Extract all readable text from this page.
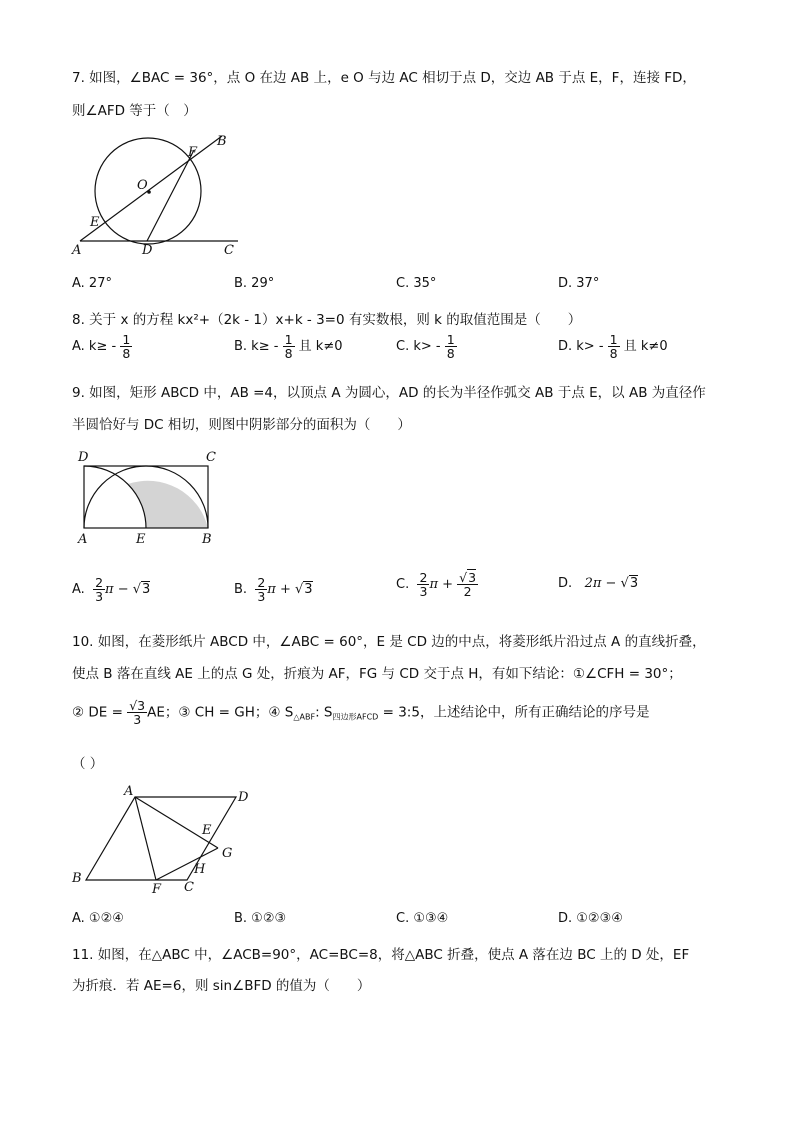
7. 如图，∠BAC = 36°，点 O 在边 AB 上，e O 与边 AC 相切于点 D，交边 AB 于点 E，F，连接 FD，
则∠AFD 等于（　）
B
F
O
E
A	D	C
A. 27°	B. 29°	C. 35°	D. 37°
8. 关于 x 的方程 kx²+（2k - 1）x+k - 3=0 有实数根，则 k 的取值范围是（　　）
A. $k\ge - \frac{1}{8}$	B. $k\ge - \frac{1}{8}$ 且 k≠0	C. $k> - \frac{1}{8}$	D. $k> - \frac{1}{8}$ 且 k≠0
9. 如图，矩形 ABCD 中，AB =4，以顶点 A 为圆心，AD 的长为半径作弧交 AB 于点 E，以 AB 为直径作
半圆恰好与 DC 相切，则图中阴影部分的面积为（　　）
D	C
A	E	B
A. $\frac{2}{3}$ π − √3	B. $\frac{2}{3}$ π + √3	C. $\frac{2}{3}$ $\pi + \frac{√3}{2}$	D. 2π − √3
10. 如图，在菱形纸片 ABCD 中，∠ABC = 60°，E 是 CD 边的中点，将菱形纸片沿过点 A 的直线折叠，
使点 B 落在直线 AE 上的点 G 处，折痕为 AF，FG 与 CD 交于点 H，有如下结论：①∠CFH = 30°；
② DE = $\frac{√3}{3}$ AE；③ CH = GH；④ $S_{\triangle ABF}$: $S_{四边形AFCD}$ = 3:5，上述结论中，所有正确结论的序号是
（ ）
A	D
E
G
H
B
F C
A. ①②④	B. ①②③	C. ①③④	D. ①②③④
11. 如图，在△ABC 中，∠ACB=90°，AC=BC=8，将△ABC 折叠，使点 A 落在边 BC 上的 D 处，EF
为折痕．若 AE=6，则 sin∠BFD 的值为（　　）
